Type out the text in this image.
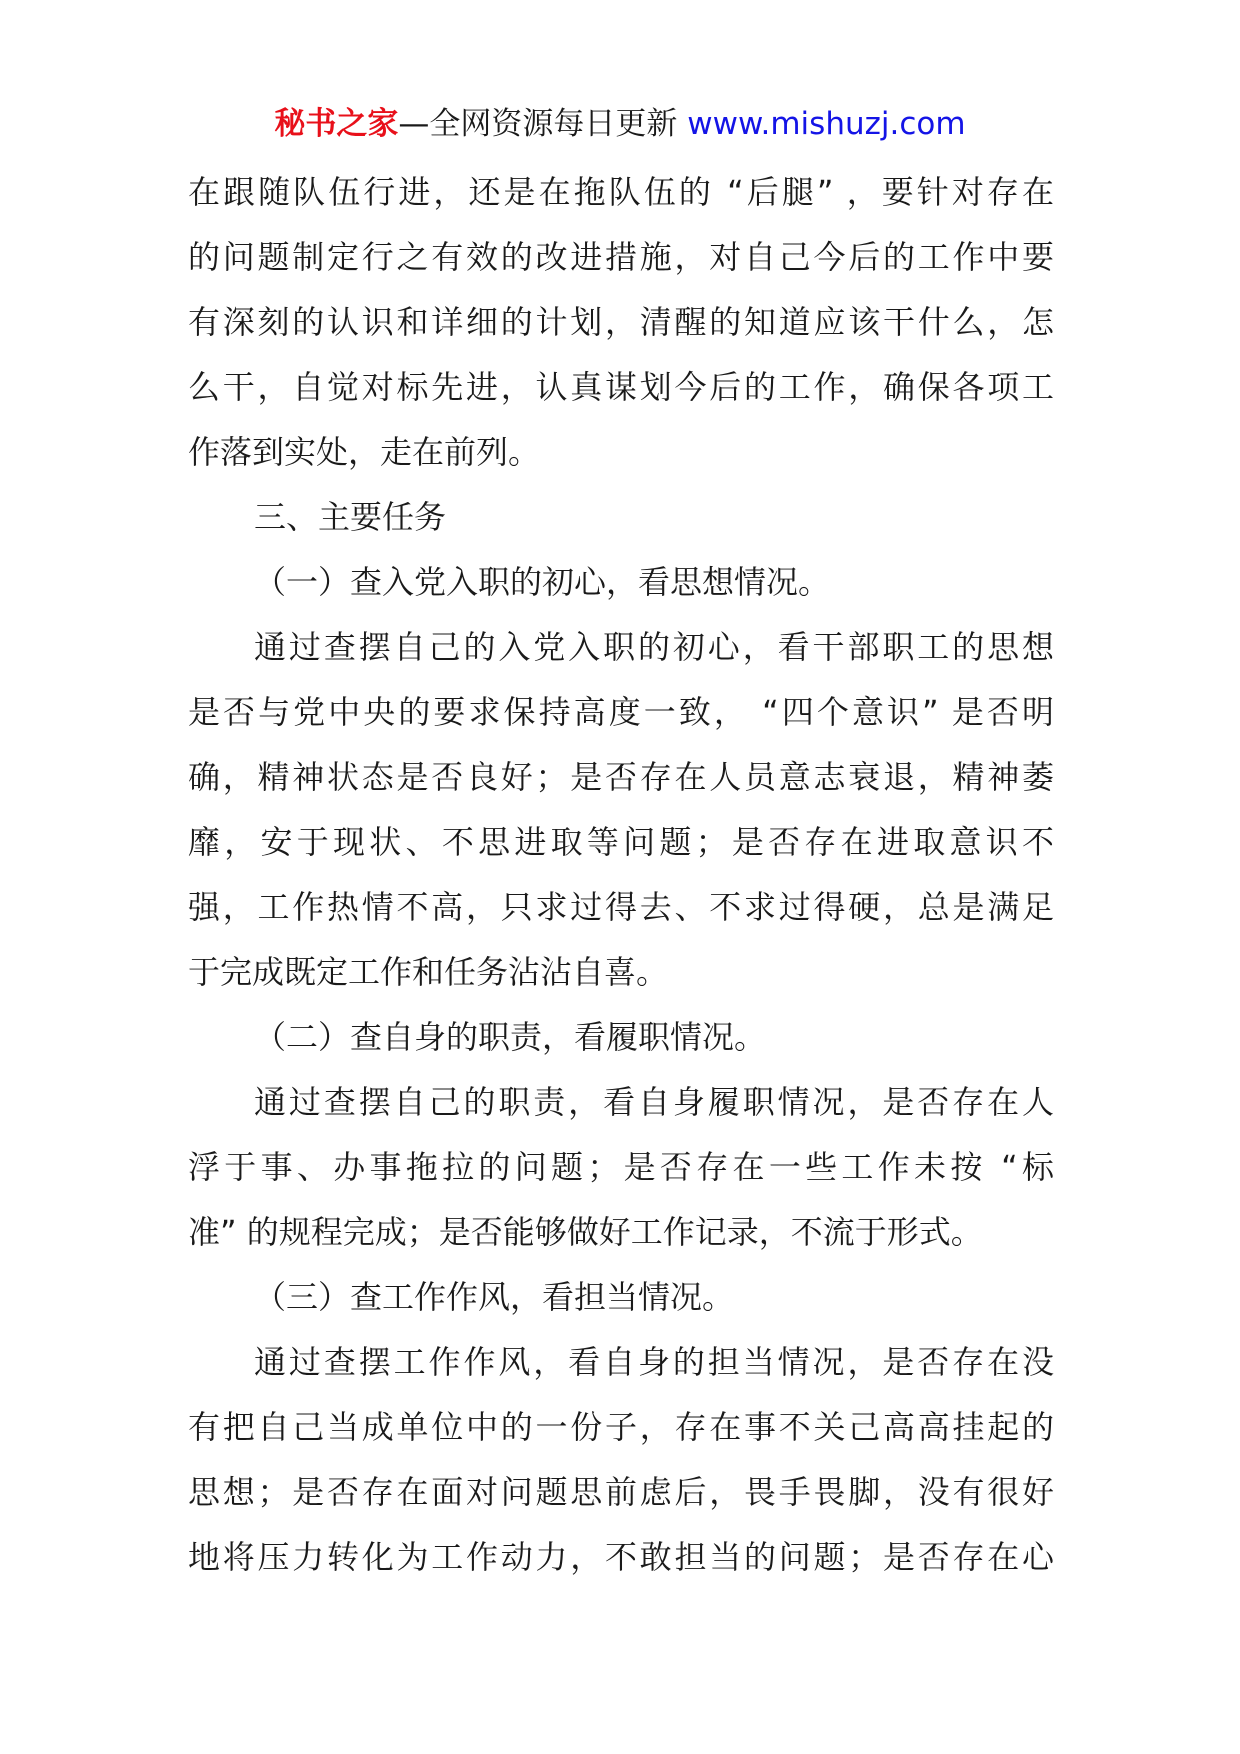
秘书之家—全网资源每日更新 www.mishuzj.com
在跟随队伍行进，还是在拖队伍的 “后腿” ，要针对存在
的问题制定行之有效的改进措施，对自己今后的工作中要
有深刻的认识和详细的计划，清醒的知道应该干什么，怎
么干，自觉对标先进，认真谋划今后的工作，确保各项工
作落到实处，走在前列。
三、主要任务
（一）查入党入职的初心，看思想情况。
通过查摆自己的入党入职的初心，看干部职工的思想
是否与党中央的要求保持高度一致， “四个意识” 是否明
确，精神状态是否良好；是否存在人员意志衰退，精神萎
靡，安于现状、不思进取等问题；是否存在进取意识不
强，工作热情不高，只求过得去、不求过得硬，总是满足
于完成既定工作和任务沾沾自喜。
（二）查自身的职责，看履职情况。
通过查摆自己的职责，看自身履职情况，是否存在人
浮于事、办事拖拉的问题；是否存在一些工作未按 “标
准” 的规程完成；是否能够做好工作记录，不流于形式。
（三）查工作作风，看担当情况。
通过查摆工作作风，看自身的担当情况，是否存在没
有把自己当成单位中的一份子，存在事不关己高高挂起的
思想；是否存在面对问题思前虑后，畏手畏脚，没有很好
地将压力转化为工作动力，不敢担当的问题；是否存在心
